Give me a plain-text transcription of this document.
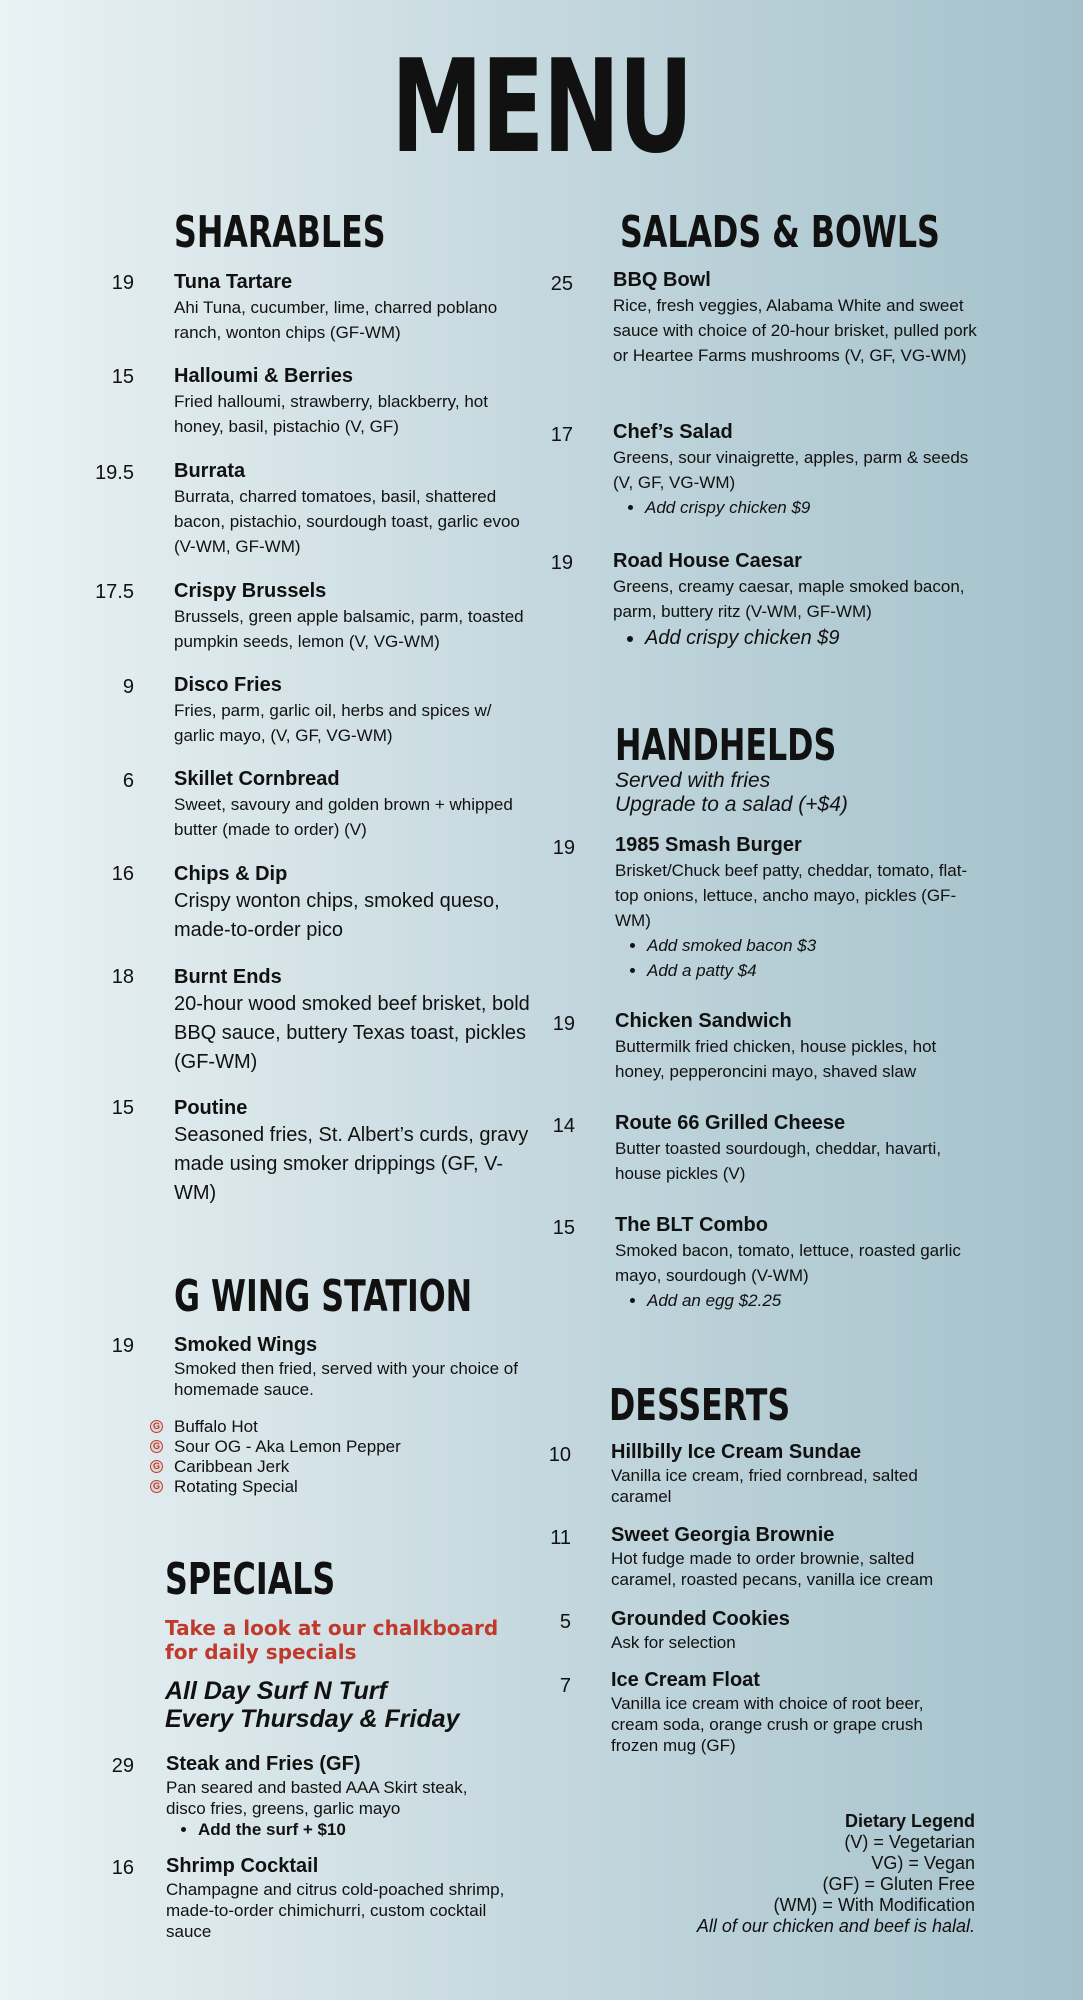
MENU
SHARABLES
19 Tuna Tartare
Ahi Tuna, cucumber, lime, charred poblano ranch, wonton chips (GF-WM)
15 Halloumi & Berries
Fried halloumi, strawberry, blackberry, hot honey, basil, pistachio (V, GF)
19.5 Burrata
Burrata, charred tomatoes, basil, shattered bacon, pistachio, sourdough toast, garlic evoo (V-WM, GF-WM)
17.5 Crispy Brussels
Brussels, green apple balsamic, parm, toasted pumpkin seeds, lemon (V, VG-WM)
9 Disco Fries
Fries, parm, garlic oil, herbs and spices w/ garlic mayo, (V, GF, VG-WM)
6 Skillet Cornbread
Sweet, savoury and golden brown + whipped butter (made to order) (V)
16 Chips & Dip
Crispy wonton chips, smoked queso, made-to-order pico
18 Burnt Ends
20-hour wood smoked beef brisket, bold BBQ sauce, buttery Texas toast, pickles (GF-WM)
15 Poutine
Seasoned fries, St. Albert’s curds, gravy made using smoker drippings (GF, V-WM)
G WING STATION
19 Smoked Wings
Smoked then fried, served with your choice of homemade sauce.
G Buffalo Hot
G Sour OG - Aka Lemon Pepper
G Caribbean Jerk
G Rotating Special
SPECIALS
Take a look at our chalkboard for daily specials
All Day Surf N Turf
Every Thursday & Friday
29 Steak and Fries (GF)
Pan seared and basted AAA Skirt steak, disco fries, greens, garlic mayo
• Add the surf + $10
16 Shrimp Cocktail
Champagne and citrus cold-poached shrimp, made-to-order chimichurri, custom cocktail sauce
SALADS & BOWLS
25 BBQ Bowl
Rice, fresh veggies, Alabama White and sweet sauce with choice of 20-hour brisket, pulled pork or Heartee Farms mushrooms (V, GF, VG-WM)
17 Chef’s Salad
Greens, sour vinaigrette, apples, parm & seeds (V, GF, VG-WM)
• Add crispy chicken $9
19 Road House Caesar
Greens, creamy caesar, maple smoked bacon, parm, buttery ritz (V-WM, GF-WM)
• Add crispy chicken $9
HANDHELDS
Served with fries
Upgrade to a salad (+$4)
19 1985 Smash Burger
Brisket/Chuck beef patty, cheddar, tomato, flat-top onions, lettuce, ancho mayo, pickles (GF-WM)
• Add smoked bacon $3
• Add a patty $4
19 Chicken Sandwich
Buttermilk fried chicken, house pickles, hot honey, pepperoncini mayo, shaved slaw
14 Route 66 Grilled Cheese
Butter toasted sourdough, cheddar, havarti, house pickles (V)
15 The BLT Combo
Smoked bacon, tomato, lettuce, roasted garlic mayo, sourdough (V-WM)
• Add an egg $2.25
DESSERTS
10 Hillbilly Ice Cream Sundae
Vanilla ice cream, fried cornbread, salted caramel
11 Sweet Georgia Brownie
Hot fudge made to order brownie, salted caramel, roasted pecans, vanilla ice cream
5 Grounded Cookies
Ask for selection
7 Ice Cream Float
Vanilla ice cream with choice of root beer, cream soda, orange crush or grape crush frozen mug (GF)
Dietary Legend
(V) = Vegetarian
VG) = Vegan
(GF) = Gluten Free
(WM) = With Modification
All of our chicken and beef is halal.
